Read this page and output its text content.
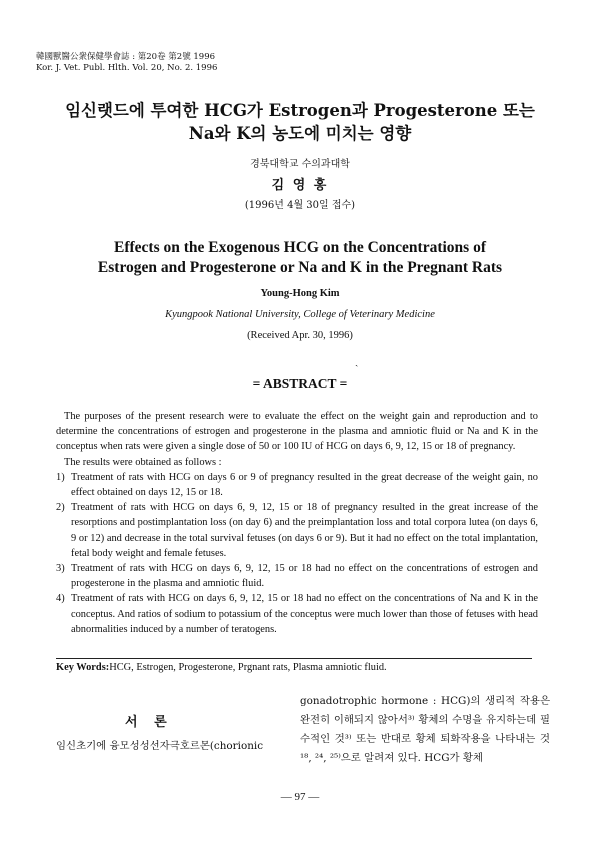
韓國獸醫公衆保健學會誌 : 第20卷 第2號 1996
Kor. J. Vet. Publ. Hlth. Vol. 20, No. 2. 1996
임신랫드에 투여한 HCG가 Estrogen과 Progesterone 또는
Na와 K의 농도에 미치는 영향
경북대학교 수의과대학
김 영 홍
(1996년 4월 30일 접수)
Effects on the Exogenous HCG on the Concentrations of
Estrogen and Progesterone or Na and K in the Pregnant Rats
Young-Hong Kim
Kyungpook National University, College of Veterinary Medicine
(Received Apr. 30, 1996)
ˏ
= ABSTRACT =

The purposes of the present research were to evaluate the effect on the weight gain and reproduction and to determine the concentrations of estrogen and progesterone in the plasma and amniotic fluid or Na and K in the conceptus when rats were given a single dose of 50 or 100 IU of HCG on days 6, 9, 12, 15 or 18 of pregnancy.

The results were obtained as follows :

1) Treatment of rats with HCG on days 6 or 9 of pregnancy resulted in the great decrease of the weight gain, no effect obtained on days 12, 15 or 18.
2) Treatment of rats with HCG on days 6, 9, 12, 15 or 18 of pregnancy resulted in the great increase of the resorptions and postimplantation loss (on day 6) and the preimplantation loss and total corpora lutea (on days 6, 9 or 12) and decrease in the total survival fetuses (on days 6 or 9). But it had no effect on the total implantation, fetal body weight and female fetuses.
3) Treatment of rats with HCG on days 6, 9, 12, 15 or 18 had no effect on the concentrations of estrogen and progesterone in the plasma and amniotic fluid.
4) Treatment of rats with HCG on days 6, 9, 12, 15 or 18 had no effect on the concentrations of Na and K in the conceptus. And ratios of sodium to potassium of the conceptus were much lower than those of fetuses with head abnormalities induced by a number of teratogens.
Key Words:HCG, Estrogen, Progesterone, Prgnant rats, Plasma amniotic fluid.
서 론
임신초기에 융모성성선자극호르몬(chorionic

gonadotrophic hormone : HCG)의 생리적 작용은 완전히 이해되지 않아서³⁾ 황체의 수명을 유지하는데 필수적인 것³⁾ 또는 반대로 황체 퇴화작용을 나타내는 것¹⁸, ²⁴, ²⁵⁾으로 알려져 있다. HCG가 황체

— 97 —
